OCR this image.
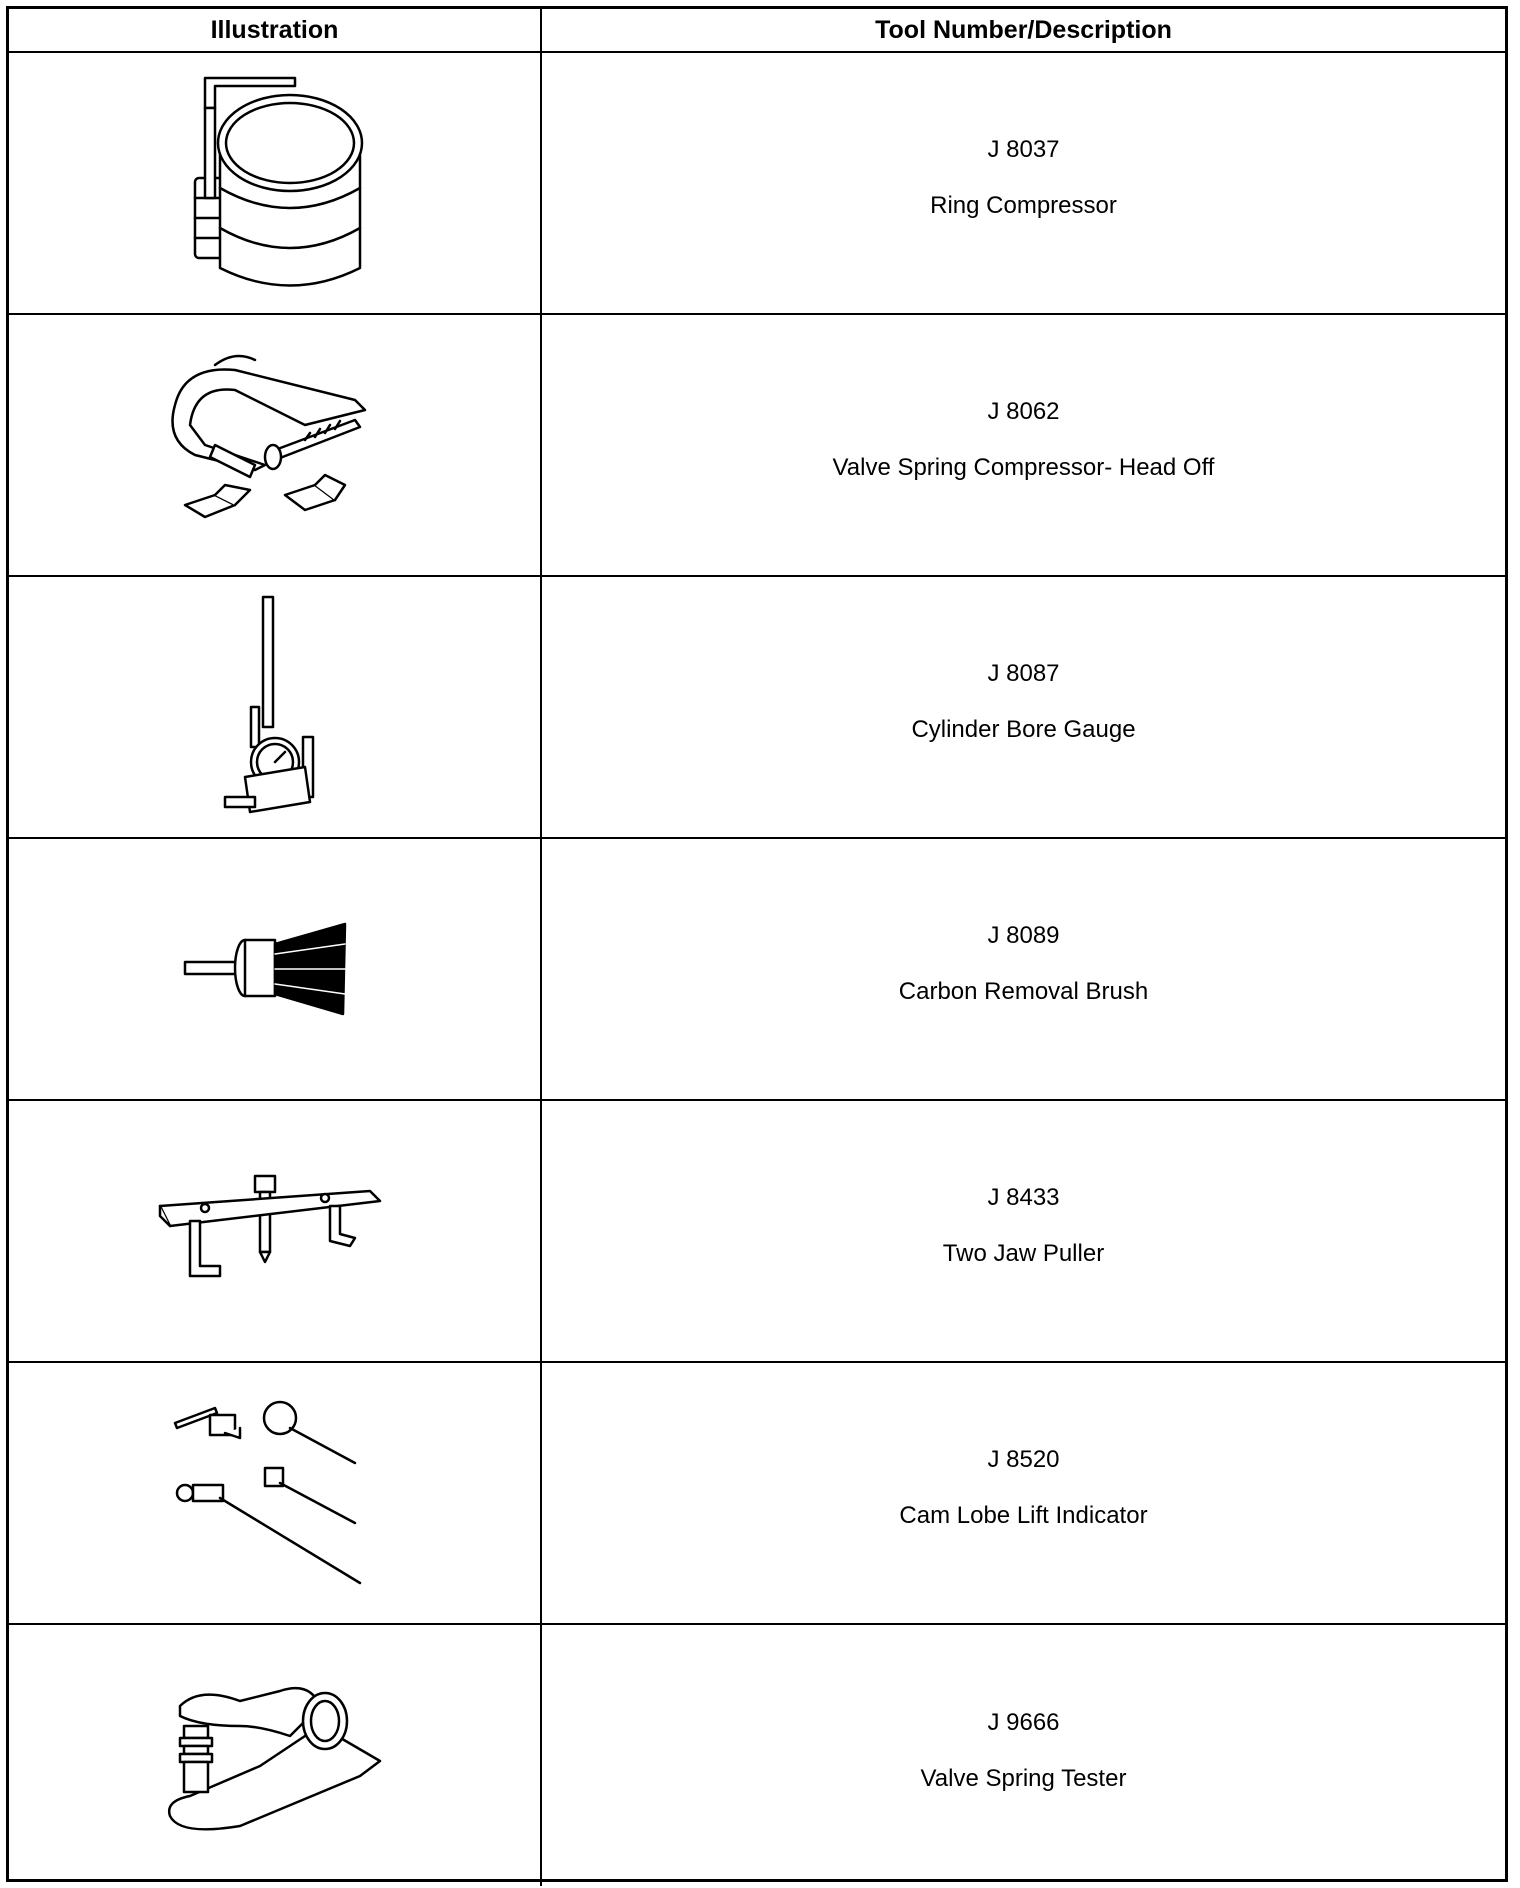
Illustration	Tool Number/Description
J 8037
Ring Compressor
J 8062
Valve Spring Compressor- Head Off
J 8087
Cylinder Bore Gauge
J 8089
Carbon Removal Brush
J 8433
Two Jaw Puller
J 8520
Cam Lobe Lift Indicator
J 9666
Valve Spring Tester
